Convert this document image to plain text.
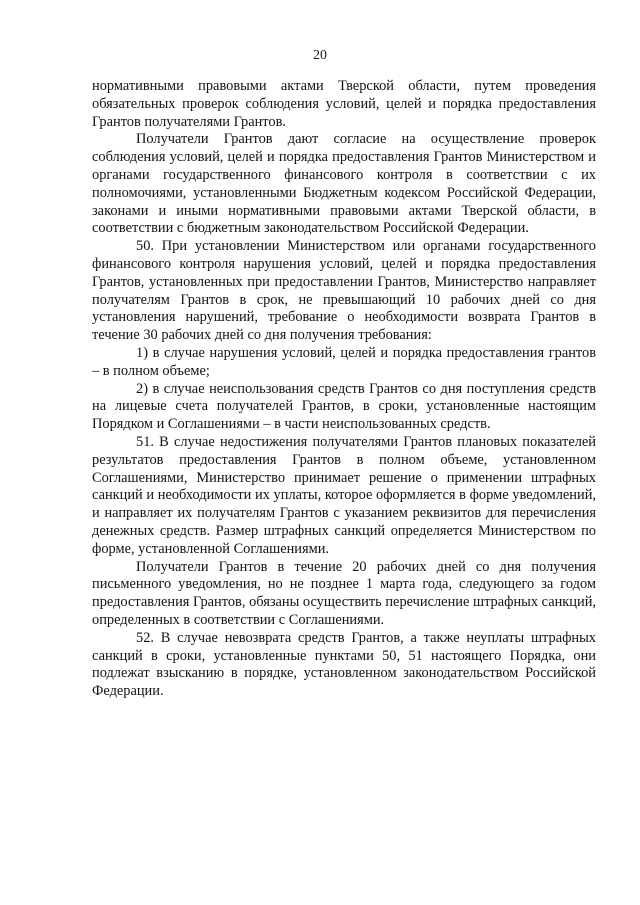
20

нормативными правовыми актами Тверской области, путем проведения обязательных проверок соблюдения условий, целей и порядка предоставления Грантов получателями Грантов.

Получатели Грантов дают согласие на осуществление проверок соблюдения условий, целей и порядка предоставления Грантов Министерством и органами государственного финансового контроля в соответствии с их полномочиями, установленными Бюджетным кодексом Российской Федерации, законами и иными нормативными правовыми актами Тверской области, в соответствии с бюджетным законодательством Российской Федерации.

50. При установлении Министерством или органами государственного финансового контроля нарушения условий, целей и порядка предоставления Грантов, установленных при предоставлении Грантов, Министерство направляет получателям Грантов в срок, не превышающий 10 рабочих дней со дня установления нарушений, требование о необходимости возврата Грантов в течение 30 рабочих дней со дня получения требования:

1) в случае нарушения условий, целей и порядка предоставления грантов – в полном объеме;

2) в случае неиспользования средств Грантов со дня поступления средств на лицевые счета получателей Грантов, в сроки, установленные настоящим Порядком и Соглашениями – в части неиспользованных средств.

51. В случае недостижения получателями Грантов плановых показателей результатов предоставления Грантов в полном объеме, установленном Соглашениями, Министерство принимает решение о применении штрафных санкций и необходимости их уплаты, которое оформляется в форме уведомлений, и направляет их получателям Грантов с указанием реквизитов для перечисления денежных средств. Размер штрафных санкций определяется Министерством по форме, установленной Соглашениями.

Получатели Грантов в течение 20 рабочих дней со дня получения письменного уведомления, но не позднее 1 марта года, следующего за годом предоставления Грантов, обязаны осуществить перечисление штрафных санкций, определенных в соответствии с Соглашениями.

52. В случае невозврата средств Грантов, а также неуплаты штрафных санкций в сроки, установленные пунктами 50, 51 настоящего Порядка, они подлежат взысканию в порядке, установленном законодательством Российской Федерации.
